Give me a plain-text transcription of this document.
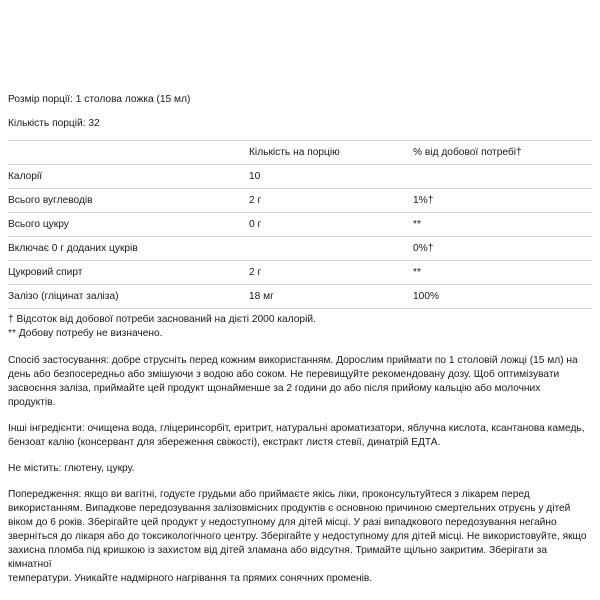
Розмір порції: 1 столова ложка (15 мл)

Кількість порцій: 32

	Кількість на порцію	% від добової потребі†
Калорії	10	
Всього вуглеводів	2 г	1%†
Всього цукру	0 г	**
Включає 0 г доданих цукрів		0%†
Цукровий спирт	2 г	**
Залізо (гліцинат заліза)	18 мг	100%

† Відсоток від добової потреби заснований на дієті 2000 калорій.

** Добову потребу не визначено.

Спосіб застосування: добре струсніть перед кожним використанням. Дорослим приймати по 1 столовій ложці (15 мл) на

день або безпосередньо або змішуючи з водою або соком. Не перевищуйте рекомендовану дозу. Щоб оптимізувати

засвоєння заліза, приймайте цей продукт щонайменше за 2 години до або після прийому кальцію або молочних продуктів.

Інші інгредієнти: очищена вода, гліцеринсорбіт, еритрит, натуральні ароматизатори, яблучна кислота, ксантанова камедь,

бензоат калію (консервант для збереження свіжості), екстракт листя стевії, динатрій ЕДТА.

Не містить: глютену, цукру.

Попередження: якщо ви вагітні, годуєте грудьми або приймаєте якісь ліки, проконсультуйтеся з лікарем перед

використанням. Випадкове передозування залізовмісних продуктів є основною причиною смертельних отруєнь у дітей

віком до 6 років. Зберігайте цей продукт у недоступному для дітей місці. У разі випадкового передозування негайно

зверніться до лікаря або до токсикологічного центру. Зберігайте у недоступному для дітей місці. Не використовуйте, якщо

захисна пломба під кришкою із захистом від дітей зламана або відсутня. Тримайте щільно закритим. Зберігати за кімнатної

температури. Уникайте надмірного нагрівання та прямих сонячних променів.
